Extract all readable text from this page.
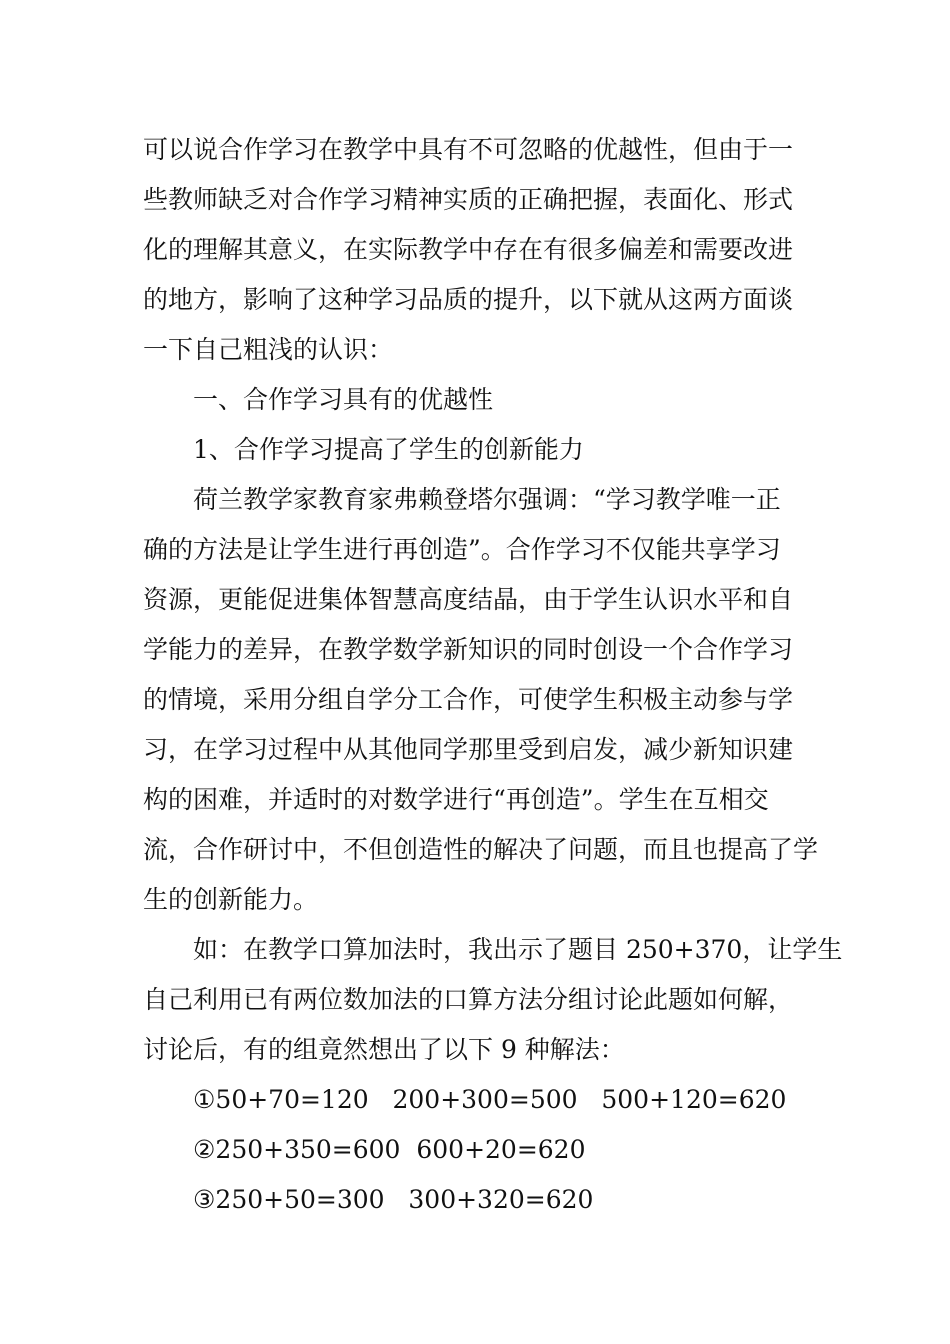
可以说合作学习在教学中具有不可忽略的优越性，但由于一
些教师缺乏对合作学习精神实质的正确把握，表面化、形式
化的理解其意义，在实际教学中存在有很多偏差和需要改进
的地方，影响了这种学习品质的提升，以下就从这两方面谈
一下自己粗浅的认识：
一、合作学习具有的优越性
1、合作学习提高了学生的创新能力
荷兰教学家教育家弗赖登塔尔强调：“学习教学唯一正
确的方法是让学生进行再创造”。合作学习不仅能共享学习
资源，更能促进集体智慧高度结晶，由于学生认识水平和自
学能力的差异，在教学数学新知识的同时创设一个合作学习
的情境，采用分组自学分工合作，可使学生积极主动参与学
习，在学习过程中从其他同学那里受到启发，减少新知识建
构的困难，并适时的对数学进行“再创造”。学生在互相交
流，合作研讨中，不但创造性的解决了问题，而且也提高了学
生的创新能力。
如：在教学口算加法时，我出示了题目 250+370，让学生
自己利用已有两位数加法的口算方法分组讨论此题如何解，
讨论后，有的组竟然想出了以下 9 种解法：
①50+70=120   200+300=500   500+120=620
②250+350=600  600+20=620
③250+50=300   300+320=620
